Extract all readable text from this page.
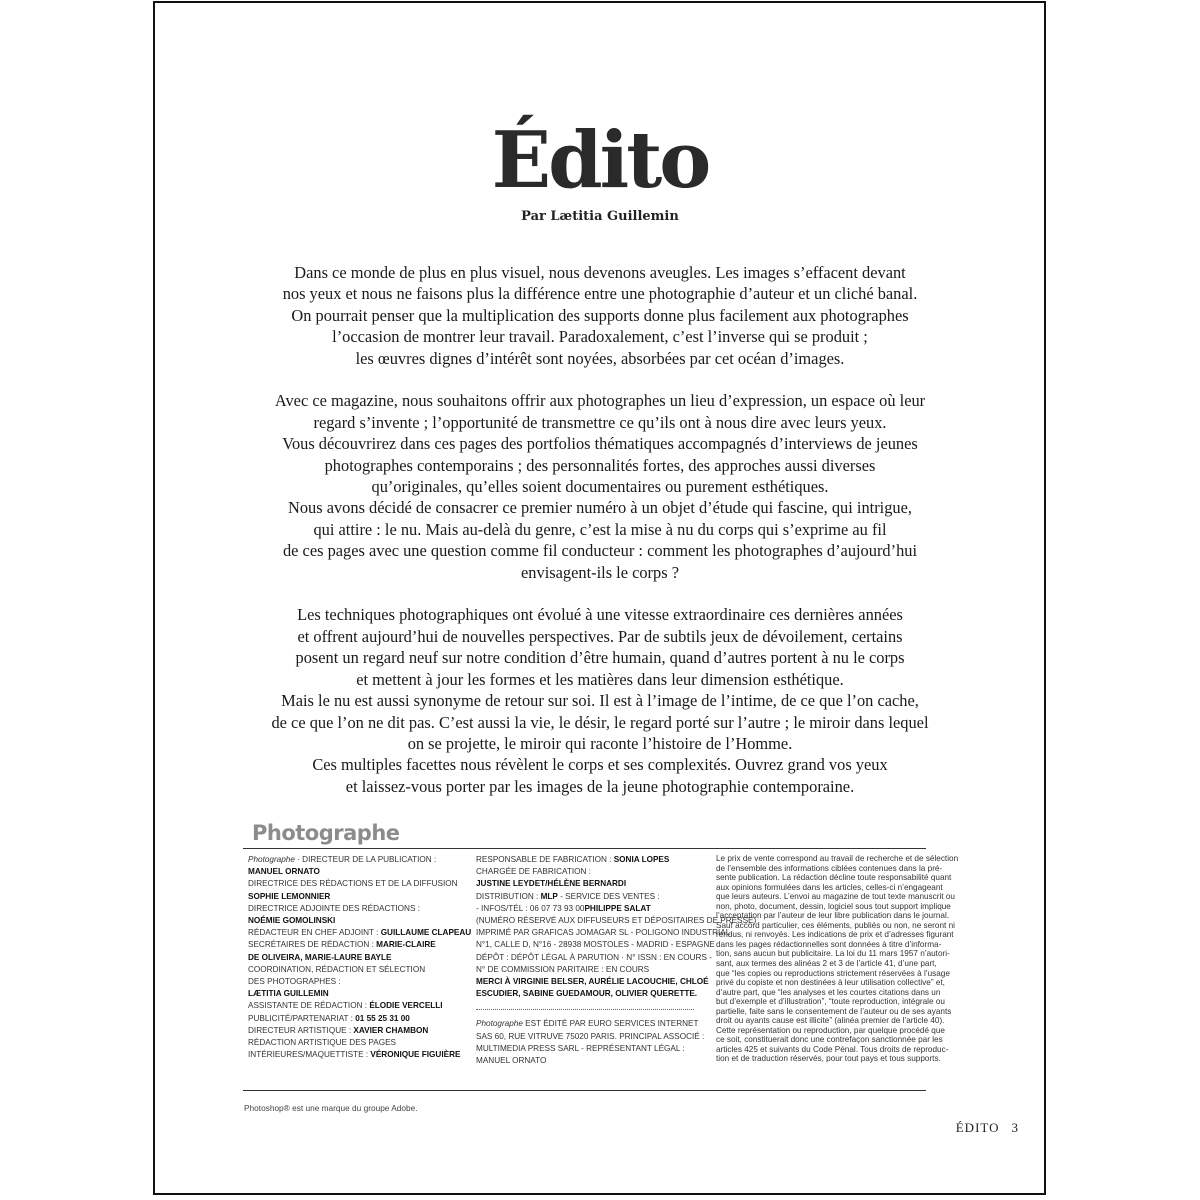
Édito

Par Lætitia Guillemin

Dans ce monde de plus en plus visuel, nous devenons aveugles. Les images s’effacent devant
nos yeux et nous ne faisons plus la différence entre une photographie d’auteur et un cliché banal.
On pourrait penser que la multiplication des supports donne plus facilement aux photographes
l’occasion de montrer leur travail. Paradoxalement, c’est l’inverse qui se produit ;
les œuvres dignes d’intérêt sont noyées, absorbées par cet océan d’images.

Avec ce magazine, nous souhaitons offrir aux photographes un lieu d’expression, un espace où leur
regard s’invente ; l’opportunité de transmettre ce qu’ils ont à nous dire avec leurs yeux.
Vous découvrirez dans ces pages des portfolios thématiques accompagnés d’interviews de jeunes
photographes contemporains ; des personnalités fortes, des approches aussi diverses
qu’originales, qu’elles soient documentaires ou purement esthétiques.
Nous avons décidé de consacrer ce premier numéro à un objet d’étude qui fascine, qui intrigue,
qui attire : le nu. Mais au-delà du genre, c’est la mise à nu du corps qui s’exprime au fil
de ces pages avec une question comme fil conducteur : comment les photographes d’aujourd’hui
envisagent-ils le corps ?

Les techniques photographiques ont évolué à une vitesse extraordinaire ces dernières années
et offrent aujourd’hui de nouvelles perspectives. Par de subtils jeux de dévoilement, certains
posent un regard neuf sur notre condition d’être humain, quand d’autres portent à nu le corps
et mettent à jour les formes et les matières dans leur dimension esthétique.
Mais le nu est aussi synonyme de retour sur soi. Il est à l’image de l’intime, de ce que l’on cache,
de ce que l’on ne dit pas. C’est aussi la vie, le désir, le regard porté sur l’autre ; le miroir dans lequel
on se projette, le miroir qui raconte l’histoire de l’Homme.
Ces multiples facettes nous révèlent le corps et ses complexités. Ouvrez grand vos yeux
et laissez-vous porter par les images de la jeune photographie contemporaine.

Photographe
Photographe · DIRECTEUR DE LA PUBLICATION :
MANUEL ORNATO
DIRECTRICE DES RÉDACTIONS ET DE LA DIFFUSION
SOPHIE LEMONNIER
DIRECTRICE ADJOINTE DES RÉDACTIONS :
NOÉMIE GOMOLINSKI
RÉDACTEUR EN CHEF ADJOINT : GUILLAUME CLAPEAU
SECRÉTAIRES DE RÉDACTION : MARIE-CLAIRE
DE OLIVEIRA, MARIE-LAURE BAYLE
COORDINATION, RÉDACTION ET SÉLECTION
DES PHOTOGRAPHES :
LÆTITIA GUILLEMIN
ASSISTANTE DE RÉDACTION : ÉLODIE VERCELLI
PUBLICITÉ/PARTENARIAT : 01 55 25 31 00
DIRECTEUR ARTISTIQUE : XAVIER CHAMBON
RÉDACTION ARTISTIQUE DES PAGES
INTÉRIEURES/MAQUETTISTE : VÉRONIQUE FIGUIÈRE
RESPONSABLE DE FABRICATION : SONIA LOPES
CHARGÉE DE FABRICATION :
JUSTINE LEYDET/HÉLÈNE BERNARDI
DISTRIBUTION : MLP - SERVICE DES VENTES :
- INFOS/TÉL : 06 07 73 93 00PHILIPPE SALAT
(NUMÉRO RÉSERVÉ AUX DIFFUSEURS ET DÉPOSITAIRES DE PRESSE)
IMPRIMÉ PAR GRAFICAS JOMAGAR SL - POLIGONO INDUSTRIAL
N°1, CALLE D, N°16 - 28938 MOSTOLES - MADRID - ESPAGNE
DÉPÔT : DÉPÔT LÉGAL À PARUTION · N° ISSN : EN COURS -
N° DE COMMISSION PARITAIRE : EN COURS
MERCI À VIRGINIE BELSER, AURÉLIE LACOUCHIE, CHLOÉ
ESCUDIER, SABINE GUEDAMOUR, OLIVIER QUERETTE.
Photographe EST ÉDITÉ PAR EURO SERVICES INTERNET
SAS 60, RUE VITRUVE 75020 PARIS. PRINCIPAL ASSOCIÉ :
MULTIMEDIA PRESS SARL - REPRÉSENTANT LÉGAL :
MANUEL ORNATO
Le prix de vente correspond au travail de recherche et de sélection
de l’ensemble des informations ciblées contenues dans la pré-
sente publication. La rédaction décline toute responsabilité quant
aux opinions formulées dans les articles, celles-ci n’engageant
que leurs auteurs. L’envoi au magazine de tout texte manuscrit ou
non, photo, document, dessin, logiciel sous tout support implique
l’acceptation par l’auteur de leur libre publication dans le journal.
Sauf accord particulier, ces éléments, publiés ou non, ne seront ni
rendus, ni renvoyés. Les indications de prix et d’adresses figurant
dans les pages rédactionnelles sont données à titre d’informa-
tion, sans aucun but publicitaire. La loi du 11 mars 1957 n’autori-
sant, aux termes des alinéas 2 et 3 de l’article 41, d’une part,
que “les copies ou reproductions strictement réservées à l’usage
privé du copiste et non destinées à leur utilisation collective” et,
d’autre part, que “les analyses et les courtes citations dans un
but d’exemple et d’illustration”, “toute reproduction, intégrale ou
partielle, faite sans le consentement de l’auteur ou de ses ayants
droit ou ayants cause est illicite” (alinéa premier de l’article 40).
Cette représentation ou reproduction, par quelque procédé que
ce soit, constituerait donc une contrefaçon sanctionnée par les
articles 425 et suivants du Code Pénal. Tous droits de reproduc-
tion et de traduction réservés, pour tout pays et tous supports.
Photoshop® est une marque du groupe Adobe.
ÉDITO 3
